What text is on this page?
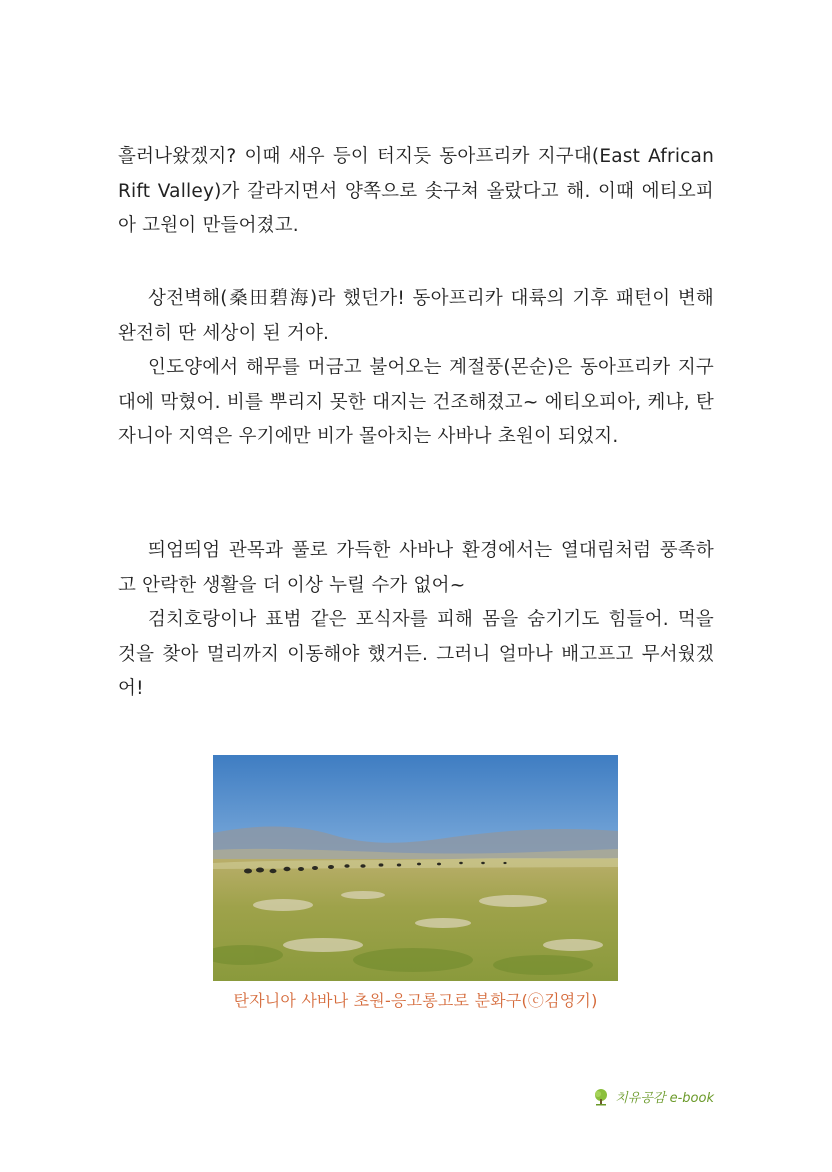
흘러나왔겠지? 이때 새우 등이 터지듯 동아프리카 지구대(East African Rift Valley)가 갈라지면서 양쪽으로 솟구쳐 올랐다고 해. 이때 에티오피아 고원이 만들어졌고.

상전벽해(桑田碧海)라 했던가! 동아프리카 대륙의 기후 패턴이 변해 완전히 딴 세상이 된 거야.

인도양에서 해무를 머금고 불어오는 계절풍(몬순)은 동아프리카 지구대에 막혔어. 비를 뿌리지 못한 대지는 건조해졌고~ 에티오피아, 케냐, 탄자니아 지역은 우기에만 비가 몰아치는 사바나 초원이 되었지.

띄엄띄엄 관목과 풀로 가득한 사바나 환경에서는 열대림처럼 풍족하고 안락한 생활을 더 이상 누릴 수가 없어~

검치호랑이나 표범 같은 포식자를 피해 몸을 숨기기도 힘들어. 먹을 것을 찾아 멀리까지 이동해야 했거든. 그러니 얼마나 배고프고 무서웠겠어!

탄자니아 사바나 초원-응고롱고로 분화구(ⓒ김영기)
치유공감 e-book
